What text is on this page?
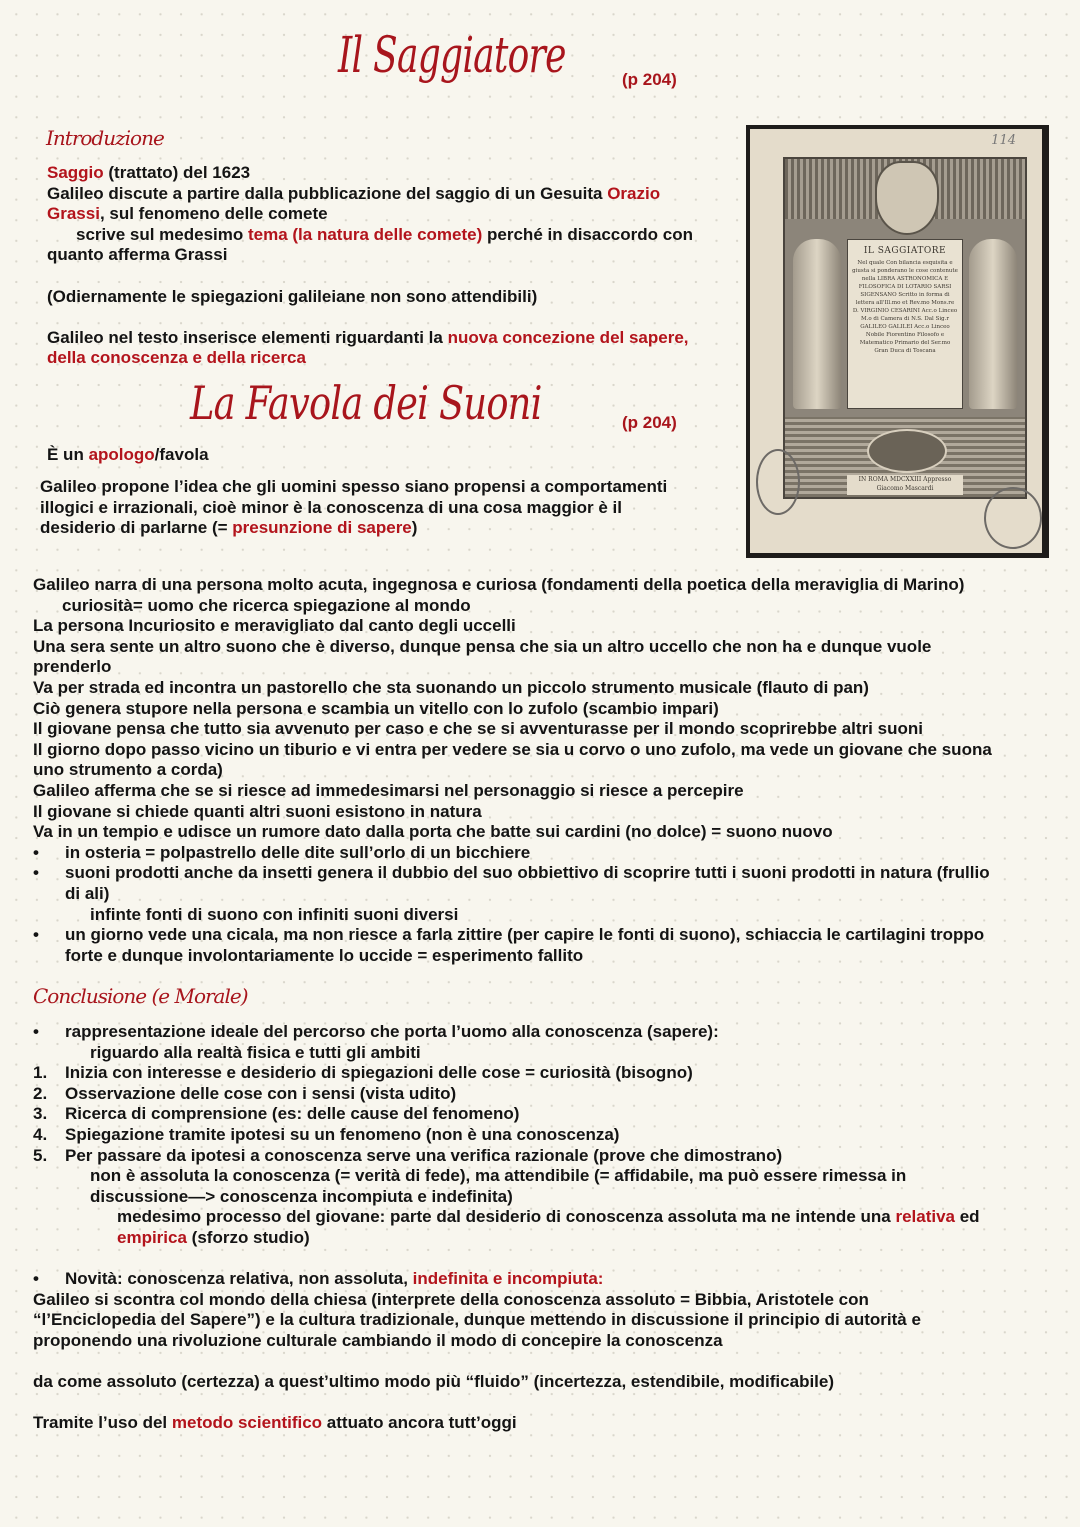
Il Saggiatore	(p 204)
Introduzione
Saggio (trattato) del 1623
Galileo discute a partire dalla pubblicazione del saggio di un Gesuita Orazio
Grassi, sul fenomeno delle comete
scrive sul medesimo tema (la natura delle comete) perché in disaccordo con
quanto afferma Grassi
(Odiernamente le spiegazioni galileiane non sono attendibili)
Galileo nel testo inserisce elementi riguardanti la nuova concezione del sapere,
della conoscenza e della ricerca
La Favola dei Suoni	(p 204)
È un apologo/favola
Galileo propone l’idea che gli uomini spesso siano propensi a comportamenti
illogici e irrazionali, cioè minor è la conoscenza di una cosa maggior è il
desiderio di parlarne (= presunzione di sapere)
114
IL SAGGIATORE
Nel quale Con bilancia esquisita e giusta si ponderano le cose contenute nella LIBRA ASTRONOMICA E FILOSOFICA DI LOTARIO SARSI SIGENSANO Scritto in forma di lettera all'Ill.mo et Rev.mo Mons.re D. VIRGINIO CESARINI Acc.o Linceo M.o di Camera di N.S. Dal Sig.r GALILEO GALILEI Acc.o Linceo Nobile Fiorentino Filosofo e Matematico Primario del Ser.mo Gran Duca di Toscana
IN ROMA MDCXXIII Appresso Giacomo Mascardi
Galileo narra di una persona molto acuta, ingegnosa e curiosa (fondamenti della poetica della meraviglia di Marino)
curiosità= uomo che ricerca spiegazione al mondo
La persona Incuriosito e meravigliato dal canto degli uccelli
Una sera sente un altro suono che è diverso, dunque pensa che sia un altro uccello che non ha e dunque vuole
prenderlo
Va per strada ed incontra un pastorello che sta suonando un piccolo strumento musicale (flauto di pan)
Ciò genera stupore nella persona e scambia un vitello con lo zufolo (scambio impari)
Il giovane pensa che tutto sia avvenuto per caso e che se si avventurasse per il mondo scoprirebbe altri suoni
Il giorno dopo passo vicino un tiburio e vi entra per vedere se sia u corvo o uno zufolo, ma vede un giovane che suona
uno strumento a corda)
Galileo afferma che se si riesce ad immedesimarsi nel personaggio si riesce a percepire
Il giovane si chiede quanti altri suoni esistono in natura
Va in un tempio e udisce un rumore dato dalla porta che batte sui cardini (no dolce) = suono nuovo
• in osteria = polpastrello delle dite sull’orlo di un bicchiere
• suoni prodotti anche da insetti genera il dubbio del suo obbiettivo di scoprire tutti i suoni prodotti in natura (frullio
di ali)
infinte fonti di suono con infiniti suoni diversi
• un giorno vede una cicala, ma non riesce a farla zittire (per capire le fonti di suono), schiaccia le cartilagini troppo
forte e dunque involontariamente lo uccide = esperimento fallito
Conclusione (e Morale)
• rappresentazione ideale del percorso che porta l’uomo alla conoscenza (sapere):
riguardo alla realtà fisica e tutti gli ambiti
1. Inizia con interesse e desiderio di spiegazioni delle cose = curiosità (bisogno)
2. Osservazione delle cose con i sensi (vista udito)
3. Ricerca di comprensione (es: delle cause del fenomeno)
4. Spiegazione tramite ipotesi su un fenomeno (non è una conoscenza)
5. Per passare da ipotesi a conoscenza serve una verifica razionale (prove che dimostrano)
non è assoluta la conoscenza (= verità di fede), ma attendibile (= affidabile, ma può essere rimessa in
discussione—> conoscenza incompiuta e indefinita)
medesimo processo del giovane: parte dal desiderio di conoscenza assoluta ma ne intende una relativa ed
empirica (sforzo studio)
• Novità: conoscenza relativa, non assoluta, indefinita e incompiuta:
Galileo si scontra col mondo della chiesa (interprete della conoscenza assoluto = Bibbia, Aristotele con
“l’Enciclopedia del Sapere”) e la cultura tradizionale, dunque mettendo in discussione il principio di autorità e
proponendo una rivoluzione culturale cambiando il modo di concepire la conoscenza
da come assoluto (certezza) a quest’ultimo modo più “fluido” (incertezza, estendibile, modificabile)
Tramite l’uso del metodo scientifico attuato ancora tutt’oggi
